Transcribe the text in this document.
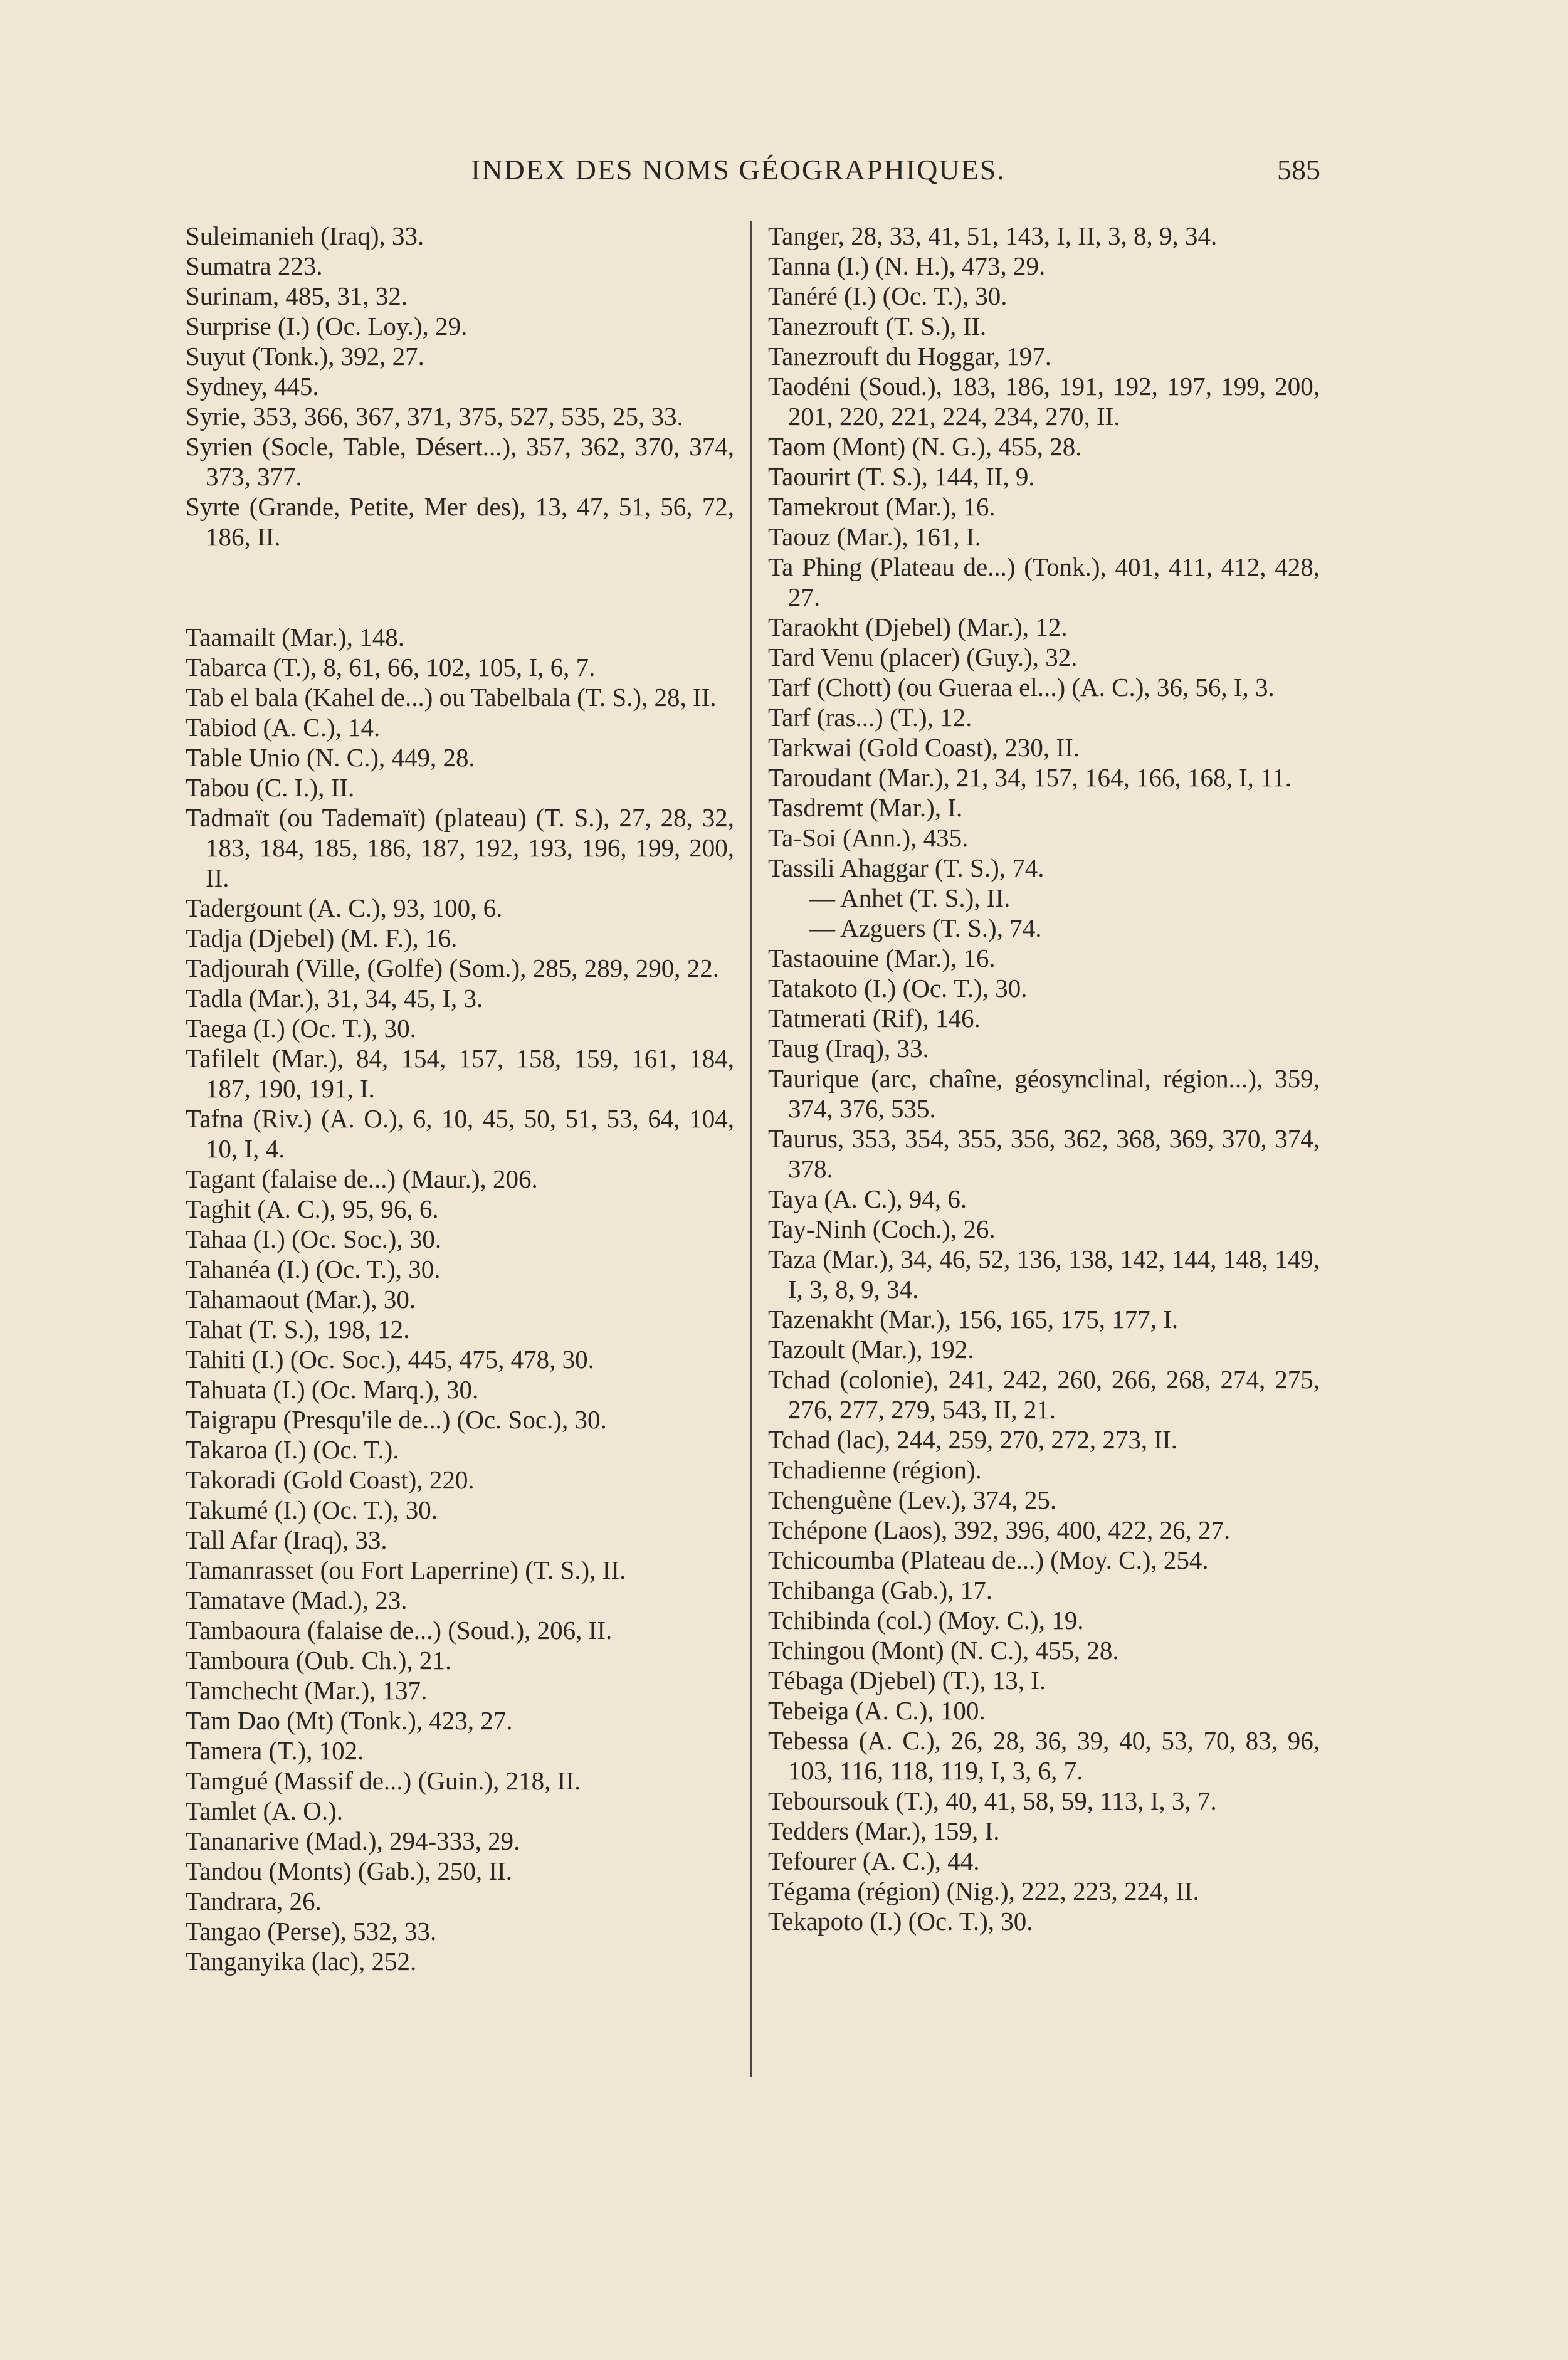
INDEX DES NOMS GÉOGRAPHIQUES.	585

Suleimanieh (Iraq), 33.

Sumatra 223.

Surinam, 485, 31, 32.

Surprise (I.) (Oc. Loy.), 29.

Suyut (Tonk.), 392, 27.

Sydney, 445.

Syrie, 353, 366, 367, 371, 375, 527, 535, 25, 33.

Syrien (Socle, Table, Désert...), 357, 362, 370, 374, 373, 377.

Syrte (Grande, Petite, Mer des), 13, 47, 51, 56, 72, 186, II.

Taamailt (Mar.), 148.

Tabarca (T.), 8, 61, 66, 102, 105, I, 6, 7.

Tab el bala (Kahel de...) ou Tabelbala (T. S.), 28, II.

Tabiod (A. C.), 14.

Table Unio (N. C.), 449, 28.

Tabou (C. I.), II.

Tadmaït (ou Tademaït) (plateau) (T. S.), 27, 28, 32, 183, 184, 185, 186, 187, 192, 193, 196, 199, 200, II.

Tadergount (A. C.), 93, 100, 6.

Tadja (Djebel) (M. F.), 16.

Tadjourah (Ville, (Golfe) (Som.), 285, 289, 290, 22.

Tadla (Mar.), 31, 34, 45, I, 3.

Taega (I.) (Oc. T.), 30.

Tafilelt (Mar.), 84, 154, 157, 158, 159, 161, 184, 187, 190, 191, I.

Tafna (Riv.) (A. O.), 6, 10, 45, 50, 51, 53, 64, 104, 10, I, 4.

Tagant (falaise de...) (Maur.), 206.

Taghit (A. C.), 95, 96, 6.

Tahaa (I.) (Oc. Soc.), 30.

Tahanéa (I.) (Oc. T.), 30.

Tahamaout (Mar.), 30.

Tahat (T. S.), 198, 12.

Tahiti (I.) (Oc. Soc.), 445, 475, 478, 30.

Tahuata (I.) (Oc. Marq.), 30.

Taigrapu (Presqu'ile de...) (Oc. Soc.), 30.

Takaroa (I.) (Oc. T.).

Takoradi (Gold Coast), 220.

Takumé (I.) (Oc. T.), 30.

Tall Afar (Iraq), 33.

Tamanrasset (ou Fort Laperrine) (T. S.), II.

Tamatave (Mad.), 23.

Tambaoura (falaise de...) (Soud.), 206, II.

Tamboura (Oub. Ch.), 21.

Tamchecht (Mar.), 137.

Tam Dao (Mt) (Tonk.), 423, 27.

Tamera (T.), 102.

Tamgué (Massif de...) (Guin.), 218, II.

Tamlet (A. O.).

Tananarive (Mad.), 294-333, 29.

Tandou (Monts) (Gab.), 250, II.

Tandrara, 26.

Tangao (Perse), 532, 33.

Tanganyika (lac), 252.

Tanger, 28, 33, 41, 51, 143, I, II, 3, 8, 9, 34.

Tanna (I.) (N. H.), 473, 29.

Tanéré (I.) (Oc. T.), 30.

Tanezrouft (T. S.), II.

Tanezrouft du Hoggar, 197.

Taodéni (Soud.), 183, 186, 191, 192, 197, 199, 200, 201, 220, 221, 224, 234, 270, II.

Taom (Mont) (N. G.), 455, 28.

Taourirt (T. S.), 144, II, 9.

Tamekrout (Mar.), 16.

Taouz (Mar.), 161, I.

Ta Phing (Plateau de...) (Tonk.), 401, 411, 412, 428, 27.

Taraokht (Djebel) (Mar.), 12.

Tard Venu (placer) (Guy.), 32.

Tarf (Chott) (ou Gueraa el...) (A. C.), 36, 56, I, 3.

Tarf (ras...) (T.), 12.

Tarkwai (Gold Coast), 230, II.

Taroudant (Mar.), 21, 34, 157, 164, 166, 168, I, 11.

Tasdremt (Mar.), I.

Ta-Soi (Ann.), 435.

Tassili Ahaggar (T. S.), 74.

— Anhet (T. S.), II.

— Azguers (T. S.), 74.

Tastaouine (Mar.), 16.

Tatakoto (I.) (Oc. T.), 30.

Tatmerati (Rif), 146.

Taug (Iraq), 33.

Taurique (arc, chaîne, géosynclinal, région...), 359, 374, 376, 535.

Taurus, 353, 354, 355, 356, 362, 368, 369, 370, 374, 378.

Taya (A. C.), 94, 6.

Tay-Ninh (Coch.), 26.

Taza (Mar.), 34, 46, 52, 136, 138, 142, 144, 148, 149, I, 3, 8, 9, 34.

Tazenakht (Mar.), 156, 165, 175, 177, I.

Tazoult (Mar.), 192.

Tchad (colonie), 241, 242, 260, 266, 268, 274, 275, 276, 277, 279, 543, II, 21.

Tchad (lac), 244, 259, 270, 272, 273, II.

Tchadienne (région).

Tchenguène (Lev.), 374, 25.

Tchépone (Laos), 392, 396, 400, 422, 26, 27.

Tchicoumba (Plateau de...) (Moy. C.), 254.

Tchibanga (Gab.), 17.

Tchibinda (col.) (Moy. C.), 19.

Tchingou (Mont) (N. C.), 455, 28.

Tébaga (Djebel) (T.), 13, I.

Tebeiga (A. C.), 100.

Tebessa (A. C.), 26, 28, 36, 39, 40, 53, 70, 83, 96, 103, 116, 118, 119, I, 3, 6, 7.

Teboursouk (T.), 40, 41, 58, 59, 113, I, 3, 7.

Tedders (Mar.), 159, I.

Tefourer (A. C.), 44.

Tégama (région) (Nig.), 222, 223, 224, II.

Tekapoto (I.) (Oc. T.), 30.
